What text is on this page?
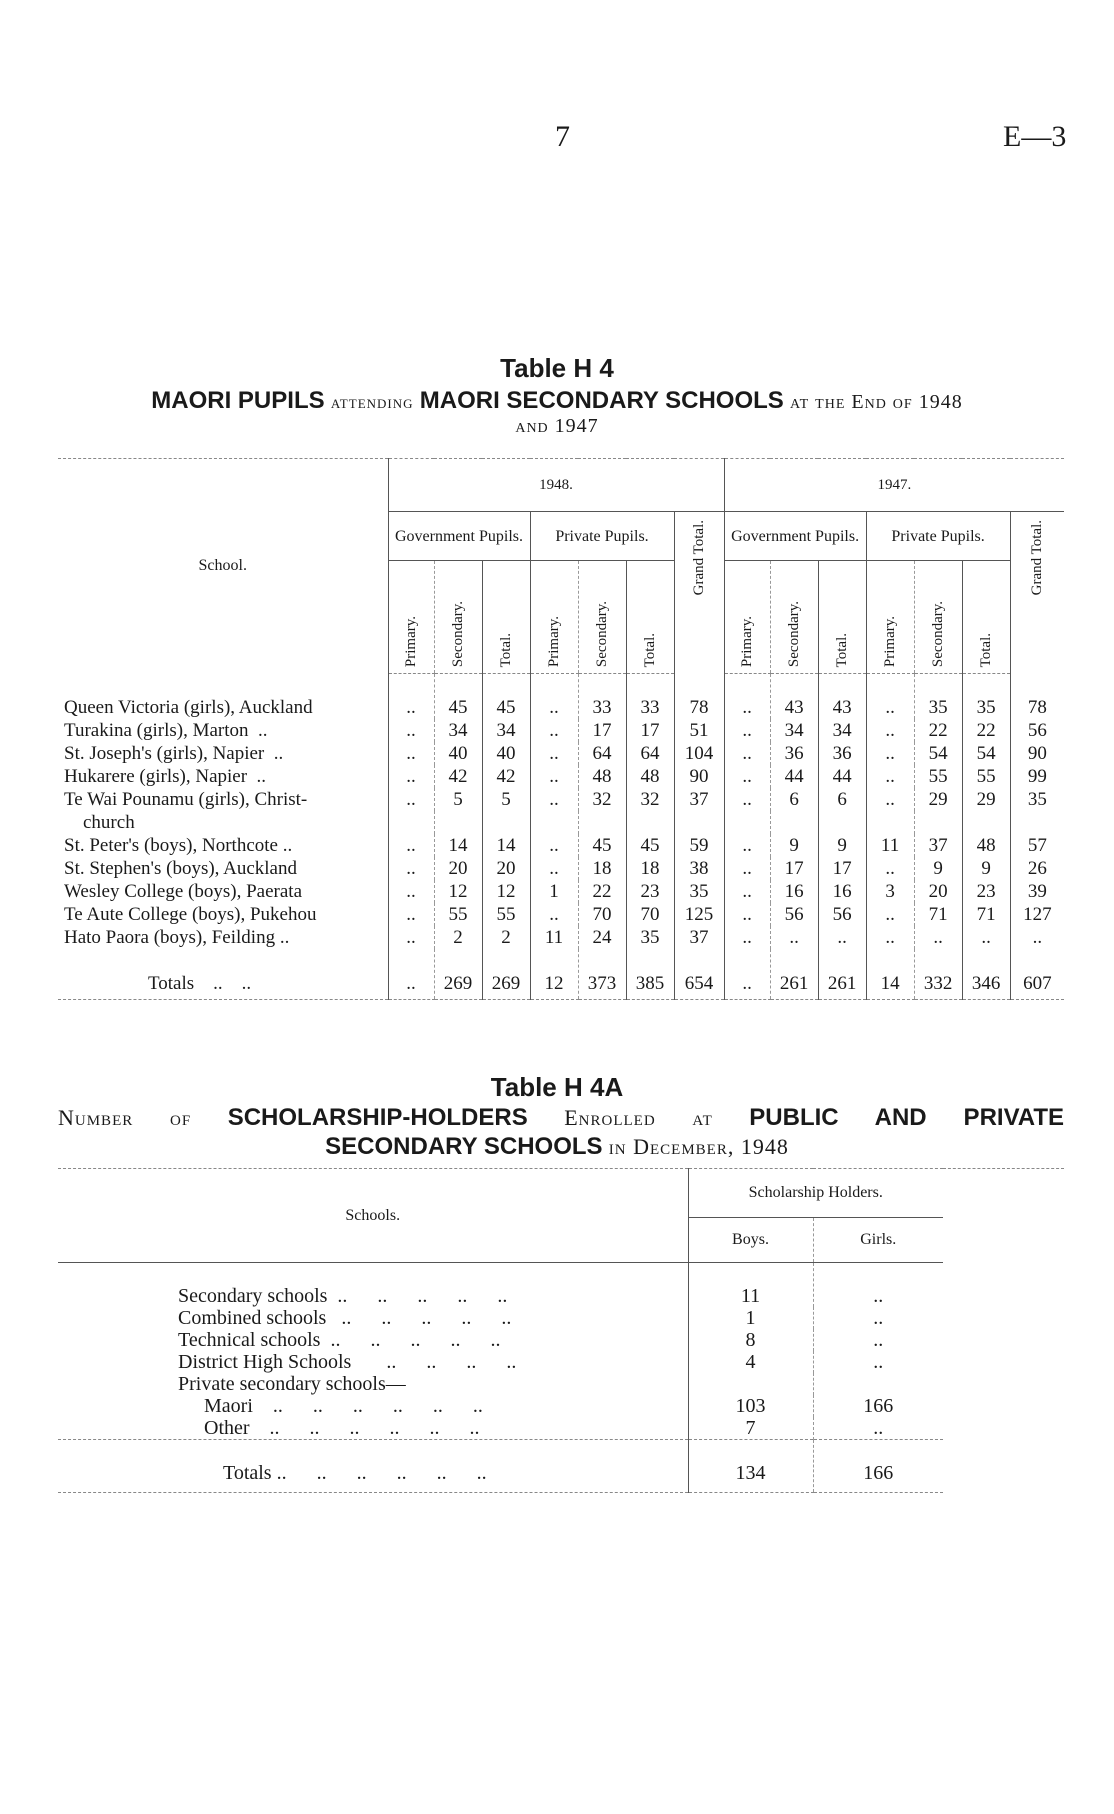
7	E—3
Table H 4
MAORI PUPILS attending MAORI SECONDARY SCHOOLS at the End of 1948
and 1947
School.	1948.							1947.						
	Government Pupils.			Private Pupils.			Grand Total.	Government Pupils.			Private Pupils.			Grand Total.

	Primary.	Secondary.	Total.	Primary.	Secondary.	Total.		Primary.	Secondary.	Total.	Primary.	Secondary.	Total.	
Queen Victoria (girls), Auckland	..	45	45	..	33	33	78	..	43	43	..	35	35	78
Turakina (girls), Marton  ..	..	34	34	..	17	17	51	..	34	34	..	22	22	56
St. Joseph's (girls), Napier  ..	..	40	40	..	64	64	104	..	36	36	..	54	54	90
Hukarere (girls), Napier  ..	..	42	42	..	48	48	90	..	44	44	..	55	55	99
Te Wai Pounamu (girls), Christ-	..	5	5	..	32	32	37	..	6	6	..	29	29	35
church														
St. Peter's (boys), Northcote ..	..	14	14	..	45	45	59	..	9	9	11	37	48	57
St. Stephen's (boys), Auckland	..	20	20	..	18	18	38	..	17	17	..	9	9	26
Wesley College (boys), Paerata	..	12	12	1	22	23	35	..	16	16	3	20	23	39
Te Aute College (boys), Pukehou	..	55	55	..	70	70	125	..	56	56	..	71	71	127
Hato Paora (boys), Feilding ..	..	2	2	11	24	35	37	..	..	..	..	..	..	..
Totals    ..    ..	..	269	269	12	373	385	654	..	261	261	14	332	346	607
Table H 4A
Number of SCHOLARSHIP-HOLDERS Enrolled at PUBLIC AND PRIVATE
SECONDARY SCHOOLS in December, 1948
Schools.	Scholarship Holders.		
	Boys.	Girls.	
Secondary schools  ..      ..      ..      ..      ..	11	..	
Combined schools   ..      ..      ..      ..      ..	1	..	
Technical schools  ..      ..      ..      ..      ..	8	..	
District High Schools       ..      ..      ..      ..	4	..	
Private secondary schools—			
Maori    ..      ..      ..      ..      ..      ..	103	166	
Other    ..      ..      ..      ..      ..      ..	7	..	
Totals ..      ..      ..      ..      ..      ..	134	166	
